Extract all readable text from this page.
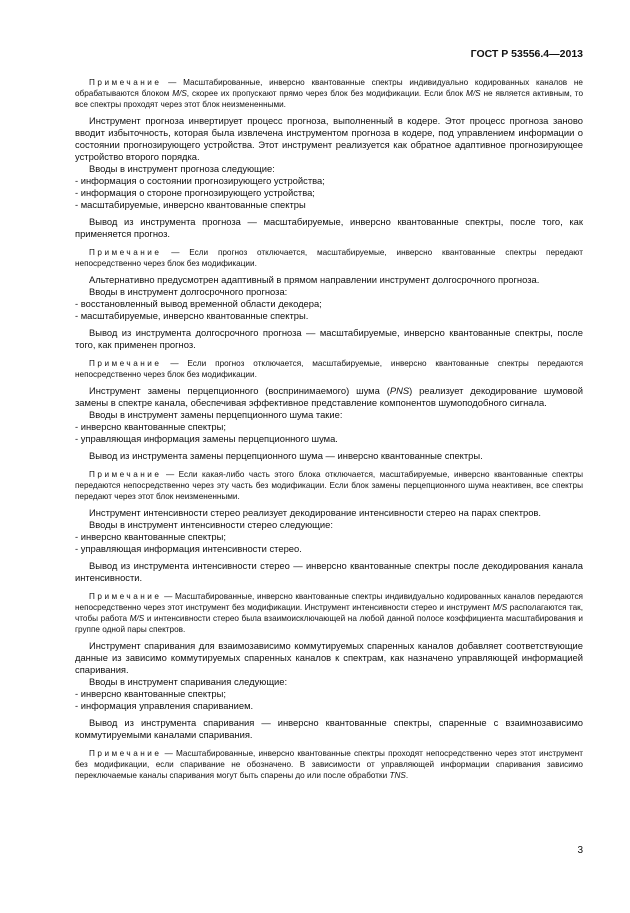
ГОСТ Р 53556.4—2013

Примечание — Масштабированные, инверсно квантованные спектры индивидуально кодированных каналов не обрабатываются блоком M/S, скорее их пропускают прямо через блок без модификации. Если блок M/S не является активным, то все спектры проходят через этот блок неизмененными.

Инструмент прогноза инвертирует процесс прогноза, выполненный в кодере. Этот процесс прогноза заново вводит избыточность, которая была извлечена инструментом прогноза в кодере, под управлением информации о состоянии прогнозирующего устройства. Этот инструмент реализуется как обратное адаптивное прогнозирующее устройство второго порядка.

Вводы в инструмент прогноза следующие:
- информация о состоянии прогнозирующего устройства;
- информация о стороне прогнозирующего устройства;
- масштабируемые, инверсно квантованные спектры

Вывод из инструмента прогноза — масштабируемые, инверсно квантованные спектры, после того, как применяется прогноз.

Примечание — Если прогноз отключается, масштабируемые, инверсно квантованные спектры передают непосредственно через блок без модификации.

Альтернативно предусмотрен адаптивный в прямом направлении инструмент долгосрочного прогноза.

Вводы в инструмент долгосрочного прогноза:
- восстановленный вывод временной области декодера;
- масштабируемые, инверсно квантованные спектры.

Вывод из инструмента долгосрочного прогноза — масштабируемые, инверсно квантованные спектры, после того, как применен прогноз.

Примечание — Если прогноз отключается, масштабируемые, инверсно квантованные спектры передаются непосредственно через блок без модификации.

Инструмент замены перцепционного (воспринимаемого) шума (PNS) реализует декодирование шумовой замены в спектре канала, обеспечивая эффективное представление компонентов шумоподобного сигнала.

Вводы в инструмент замены перцепционного шума такие:
- инверсно квантованные спектры;
- управляющая информация замены перцепционного шума.

Вывод из инструмента замены перцепционного шума — инверсно квантованные спектры.

Примечание — Если какая-либо часть этого блока отключается, масштабируемые, инверсно квантованные спектры передаются непосредственно через эту часть без модификации. Если блок замены перцепционного шума неактивен, все спектры передают через этот блок неизмененными.

Инструмент интенсивности стерео реализует декодирование интенсивности стерео на парах спектров.

Вводы в инструмент интенсивности стерео следующие:
- инверсно квантованные спектры;
- управляющая информация интенсивности стерео.

Вывод из инструмента интенсивности стерео — инверсно квантованные спектры после декодирования канала интенсивности.

Примечание — Масштабированные, инверсно квантованные спектры индивидуально кодированных каналов передаются непосредственно через этот инструмент без модификации. Инструмент интенсивности стерео и инструмент M/S располагаются так, чтобы работа M/S и интенсивности стерео была взаимоисключающей на любой данной полосе коэффициента масштабирования и группе одной пары спектров.

Инструмент спаривания для взаимозависимо коммутируемых спаренных каналов добавляет соответствующие данные из зависимо коммутируемых спаренных каналов к спектрам, как назначено управляющей информацией спаривания.

Вводы в инструмент спаривания следующие:
- инверсно квантованные спектры;
- информация управления спариванием.

Вывод из инструмента спаривания — инверсно квантованные спектры, спаренные с взаимнозависимо коммутируемыми каналами спаривания.

Примечание — Масштабированные, инверсно квантованные спектры проходят непосредственно через этот инструмент без модификации, если спаривание не обозначено. В зависимости от управляющей информации спаривания зависимо переключаемые каналы спаривания могут быть спарены до или после обработки TNS.

3
